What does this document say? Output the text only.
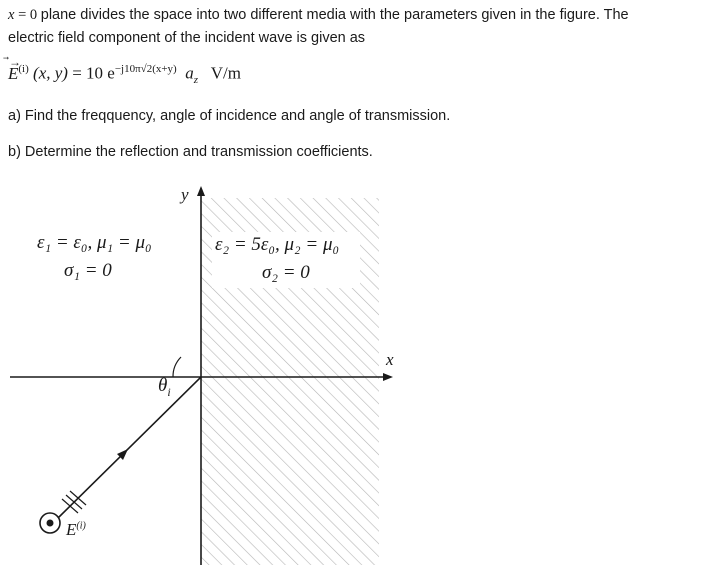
x = 0 plane divides the space into two different media with the parameters given in the figure. The
electric field component of the incident wave is given as
⃗→
$E^{(i)}$ (x, y) = 10 $e^{-j10\pi√2(x+y)}$ $a_z$ V/m
a) Find the freqquency, angle of incidence and angle of transmission.
b) Determine the reflection and transmission coefficients.
ε₁ = ε₀, μ₁ = μ₀
σ₁ = 0
ε₂ = 5ε₀, μ₂ = μ₀
σ₂ = 0
y
x
$\theta_i$
$E^{(i)}$
